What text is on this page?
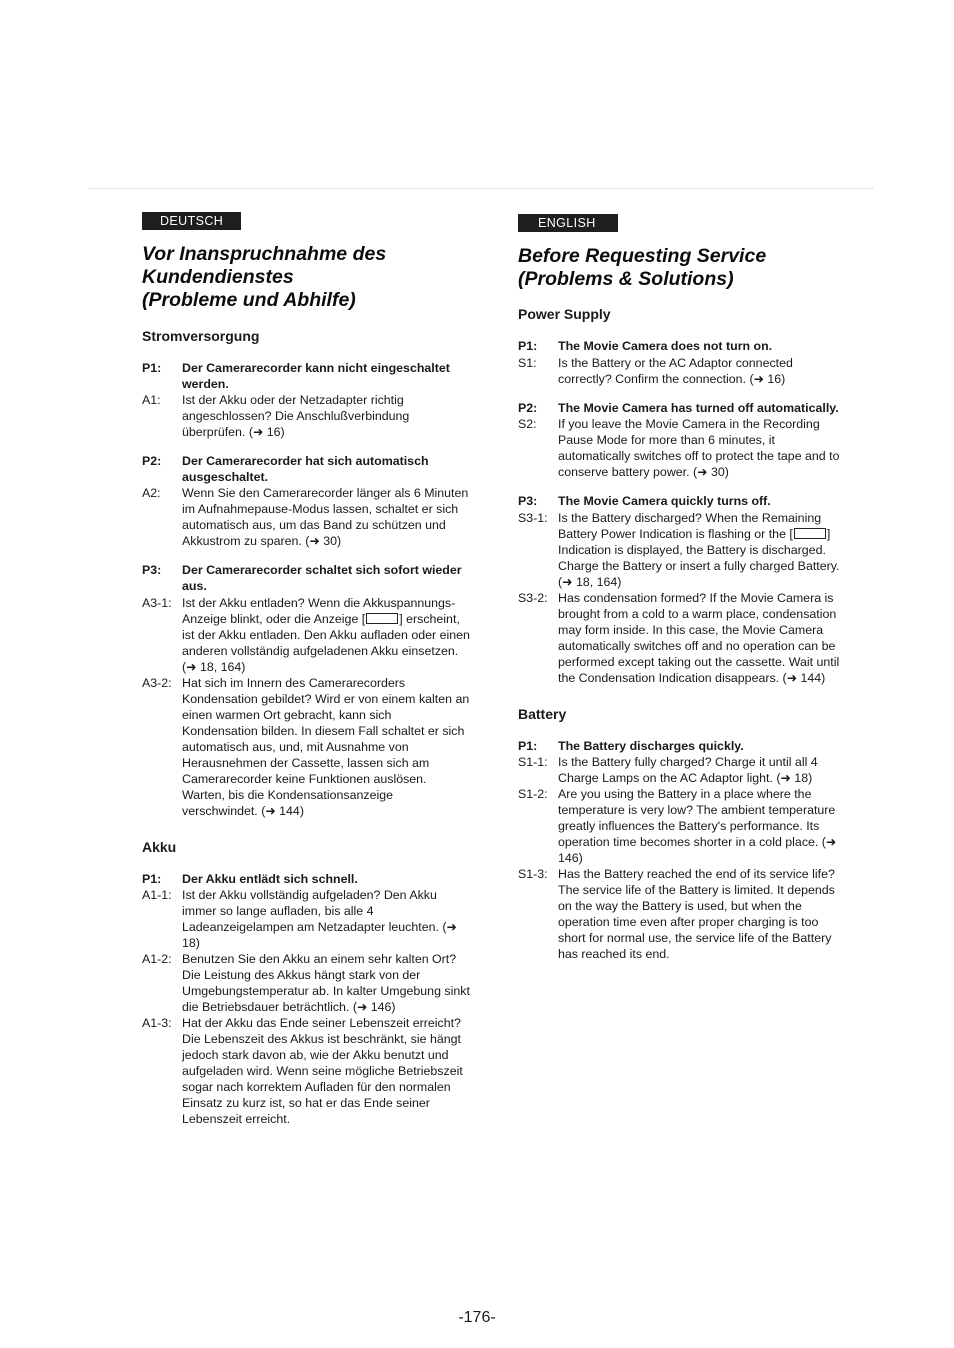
DEUTSCH
Vor Inanspruchnahme des
Kundendienstes
(Probleme und Abhilfe)
Stromversorgung
P1:	Der Camerarecorder kann nicht eingeschaltet werden.
A1:	Ist der Akku oder der Netzadapter richtig angeschlossen? Die Anschlußverbindung überprüfen. (➜ 16)
P2:	Der Camerarecorder hat sich automatisch ausgeschaltet.
A2:	Wenn Sie den Camerarecorder länger als 6 Minuten im Aufnahmepause-Modus lassen, schaltet er sich automatisch aus, um das Band zu schützen und Akkustrom zu sparen. (➜ 30)
P3:	Der Camerarecorder schaltet sich sofort wieder aus.
A3-1: Ist der Akku entladen? Wenn die Akkuspannungs-Anzeige blinkt, oder die Anzeige [	] erscheint, ist der Akku entladen. Den Akku aufladen oder einen anderen vollständig aufgeladenen Akku einsetzen. (➜ 18, 164)
A3-2: Hat sich im Innern des Camerarecorders Kondensation gebildet? Wird er von einem kalten an einen warmen Ort gebracht, kann sich Kondensation bilden. In diesem Fall schaltet er sich automatisch aus, und, mit Ausnahme von Herausnehmen der Cassette, lassen sich am Camerarecorder keine Funktionen auslösen. Warten, bis die Kondensationsanzeige verschwindet. (➜ 144)
Akku
P1:	Der Akku entlädt sich schnell.
A1-1: Ist der Akku vollständig aufgeladen? Den Akku immer so lange aufladen, bis alle 4 Ladeanzeigelampen am Netzadapter leuchten. (➜ 18)
A1-2: Benutzen Sie den Akku an einem sehr kalten Ort? Die Leistung des Akkus hängt stark von der Umgebungstemperatur ab. In kalter Umgebung sinkt die Betriebsdauer beträchtlich. (➜ 146)
A1-3: Hat der Akku das Ende seiner Lebenszeit erreicht? Die Lebenszeit des Akkus ist beschränkt, sie hängt jedoch stark davon ab, wie der Akku benutzt und aufgeladen wird. Wenn seine mögliche Betriebszeit sogar nach korrektem Aufladen für den normalen Einsatz zu kurz ist, so hat er das Ende seiner Lebenszeit erreicht.
ENGLISH
Before Requesting Service
(Problems & Solutions)
Power Supply
P1:	The Movie Camera does not turn on.
S1:	Is the Battery or the AC Adaptor connected correctly? Confirm the connection. (➜ 16)
P2:	The Movie Camera has turned off automatically.
S2:	If you leave the Movie Camera in the Recording Pause Mode for more than 6 minutes, it automatically switches off to protect the tape and to conserve battery power. (➜ 30)
P3:	The Movie Camera quickly turns off.
S3-1: Is the Battery discharged? When the Remaining Battery Power Indication is flashing or the [	] Indication is displayed, the Battery is discharged. Charge the Battery or insert a fully charged Battery. (➜ 18, 164)
S3-2: Has condensation formed? If the Movie Camera is brought from a cold to a warm place, condensation may form inside. In this case, the Movie Camera automatically switches off and no operation can be performed except taking out the cassette. Wait until the Condensation Indication disappears. (➜ 144)
Battery
P1:	The Battery discharges quickly.
S1-1: Is the Battery fully charged? Charge it until all 4 Charge Lamps on the AC Adaptor light. (➜ 18)
S1-2: Are you using the Battery in a place where the temperature is very low? The ambient temperature greatly influences the Battery's performance. Its operation time becomes shorter in a cold place. (➜ 146)
S1-3: Has the Battery reached the end of its service life? The service life of the Battery is limited. It depends on the way the Battery is used, but when the operation time even after proper charging is too short for normal use, the service life of the Battery has reached its end.
-176-
